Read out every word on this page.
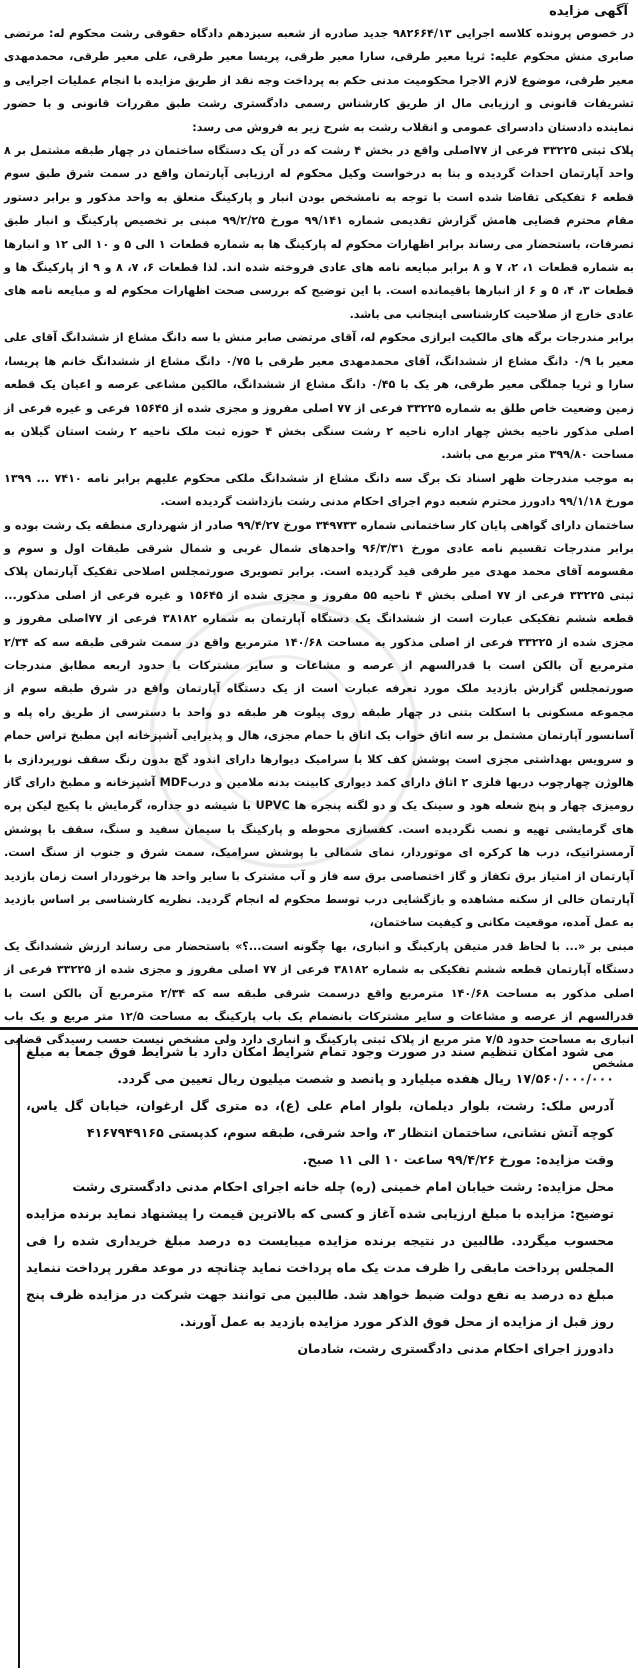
آگهی مزایده

در خصوص پرونده کلاسه اجرایی ۹۸۲۶۶۴/۱۳ جدید صادره از شعبه سیزدهم دادگاه حقوقی رشت محکوم له: مرتضی صابری منش محکوم علیه: ثریا معیر طرقی، سارا معیر طرقی، پریسا معیر طرقی، علی معیر طرقی، محمدمهدی معیر طرقی، موضوع لازم الاجرا محکومیت مدنی حکم به پرداخت وجه نقد از طریق مزایده با انجام عملیات اجرایی و تشریفات قانونی و ارزیابی مال از طریق کارشناس رسمی دادگستری رشت طبق مقررات قانونی و با حضور نماینده دادستان دادسرای عمومی و انقلاب رشت به شرح زیر به فروش می رسد:

پلاک ثبتی ۳۳۲۲۵ فرعی از ۷۷اصلی واقع در بخش ۴ رشت که در آن یک دستگاه ساختمان در چهار طبقه مشتمل بر ۸ واحد آپارتمان احداث گردیده و بنا به درخواست وکیل محکوم له ارزیابی آپارتمان واقع در سمت شرق طبق سوم قطعه ۶ تفکیکی تقاضا شده است با توجه به نامشخص بودن انبار و پارکینگ متعلق به واحد مذکور و برابر دستور مقام محترم قضایی هامش گزارش تقدیمی شماره ۹۹/۱۴۱ مورخ ۹۹/۲/۲۵ مبنی بر تخصیص پارکینگ و انبار طبق تصرفات، باستحضار می رساند برابر اظهارات محکوم له پارکینگ ها به شماره قطعات ۱ الی ۵ و ۱۰ الی ۱۲ و انبارها به شماره قطعات ۱، ۲، ۷ و ۸ برابر مبایعه نامه های عادی فروخته شده اند. لذا قطعات ۶، ۷، ۸ و ۹ از پارکینگ ها و قطعات ۳، ۴، ۵ و ۶ از انبارها باقیمانده است. با این توضیح که بررسی صحت اظهارات محکوم له و مبایعه نامه های عادی خارج از صلاحیت کارشناسی اینجانب می باشد.

برابر مندرجات برگه های مالکیت ابرازی محکوم له، آقای مرتضی صابر منش با سه دانگ مشاع از ششدانگ آقای علی معیر با ۰/۹ دانگ مشاع از ششدانگ، آقای محمدمهدی معیر طرقی با ۰/۷۵ دانگ مشاع از ششدانگ خانم ها پریسا، سارا و ثریا جملگی معیر طرقی، هر یک با ۰/۴۵ دانگ مشاع از ششدانگ، مالکین مشاعی عرصه و اعیان یک قطعه زمین وضعیت خاص طلق به شماره ۳۳۲۲۵ فرعی از ۷۷ اصلی مفروز و مجزی شده از ۱۵۶۴۵ فرعی و غیره فرعی از اصلی مذکور ناحیه بخش چهار اداره ناحیه ۲ رشت سنگی بخش ۴ حوزه ثبت ملک ناحیه ۲ رشت استان گیلان به مساحت ۳۹۹/۸۰ متر مربع می باشد.

به موجب مندرجات ظهر اسناد تک برگ سه دانگ مشاع از ششدانگ ملکی محکوم علیهم برابر نامه ۷۴۱۰ ... ۱۳۹۹ مورخ ۹۹/۱/۱۸ دادورز محترم شعبه دوم اجرای احکام مدنی رشت بازداشت گردیده است.

ساختمان دارای گواهی پایان کار ساختمانی شماره ۳۴۹۷۳۳ مورخ ۹۹/۴/۲۷ صادر از شهرداری منطقه یک رشت بوده و برابر مندرجات تقسیم نامه عادی مورخ ۹۶/۳/۳۱ واحدهای شمال غربی و شمال شرقی طبقات اول و سوم و مقسومه آقای محمد مهدی میر طرقی قید گردیده است. برابر تصویری صورتمجلس اصلاحی تفکیک آپارتمان پلاک ثبتی ۳۳۲۲۵ فرعی از ۷۷ اصلی بخش ۴ ناحیه ۵۵ مفروز و مجزی شده از ۱۵۶۴۵ و غیره فرعی از اصلی مذکور... قطعه ششم تفکیکی عبارت است از ششدانگ یک دستگاه آپارتمان به شماره ۳۸۱۸۲ فرعی از ۷۷اصلی مفروز و مجزی شده از ۳۳۲۲۵ فرعی از اصلی مذکور به مساحت ۱۴۰/۶۸ مترمربع واقع در سمت شرقی طبقه سه که ۲/۳۴ مترمربع آن بالکن است با قدرالسهم از عرصه و مشاعات و سایر مشترکات با حدود اربعه مطابق مندرجات صورتمجلس گزارش بازدید ملک مورد تعرفه عبارت است از یک دستگاه آپارتمان واقع در شرق طبقه سوم از مجموعه مسکونی با اسکلت بتنی در چهار طبقه روی پیلوت هر طبقه دو واحد با دسترسی از طریق راه پله و آسانسور آپارتمان مشتمل بر سه اتاق خواب یک اتاق با حمام مجزی، هال و پذیرایی آشپزخانه اپن مطبخ تراس حمام و سرویس بهداشتی مجزی است پوشش کف کلا با سرامیک دیوارها دارای اندود گچ بدون رنگ سقف نورپردازی با هالوژن چهارچوب دربها فلزی ۲ اتاق دارای کمد دیواری کابینت بدنه ملامین و دربMDF آشپزخانه و مطبخ دارای گاز رومیزی چهار و پنج شعله هود و سینک یک و دو لگنه پنجره ها UPVC با شیشه دو جداره، گرمایش با پکیج لیکن پره های گرمایشی تهیه و نصب نگردیده است. کفسازی محوطه و پارکینگ با سیمان سفید و سنگ، سقف با پوشش آرمستراتیک، درب ها کرکره ای موتوردار، نمای شمالی با پوشش سرامیک، سمت شرق و جنوب از سنگ است. آپارتمان از امتیاز برق تکفاز و گاز اختصاصی برق سه فاز و آب مشترک با سایر واحد ها برخوردار است زمان بازدید آپارتمان خالی از سکنه مشاهده و بازگشایی درب توسط محکوم له انجام گردید. نظریه کارشناسی بر اساس بازدید به عمل آمده، موقعیت مکانی و کیفیت ساختمان،

مبنی بر «... با لحاظ قدر متیقن پارکینگ و انباری، بها چگونه است...؟» باستحضار می رساند ارزش ششدانگ یک دستگاه آپارتمان قطعه ششم تفکیکی به شماره ۳۸۱۸۲ فرعی از ۷۷ اصلی مفروز و مجزی شده از ۳۳۲۲۵ فرعی از اصلی مذکور به مساحت ۱۴۰/۶۸ مترمربع واقع درسمت شرقی طبقه سه که ۲/۳۴ مترمربع آن بالکن است با قدرالسهم از عرصه و مشاعات و سایر مشترکات بانضمام یک باب پارکینگ به مساحت ۱۲/۵ متر مربع و یک باب انباری به مساحت حدود ۷/۵ متر مربع از پلاک ثبتی پارکینگ و انباری دارد ولی مشخص نیست حسب رسیدگی قضایی مشخص

می شود امکان تنظیم سند در صورت وجود تمام شرایط امکان دارد با شرایط فوق جمعا به مبلغ ۱۷/۵۶۰/۰۰۰/۰۰۰ ریال هفده میلیارد و پانصد و شصت میلیون ریال تعیین می گردد.

آدرس ملک: رشت، بلوار دیلمان، بلوار امام علی (ع)، ده متری گل ارغوان، خیابان گل یاس، کوچه آتش نشانی، ساختمان انتظار ۳، واحد شرقی، طبقه سوم، کدپستی ۴۱۶۷۹۴۹۱۶۵

وقت مزایده: مورخ ۹۹/۴/۲۶ ساعت ۱۰ الی ۱۱ صبح.

محل مزایده: رشت خیابان امام خمینی (ره) چله خانه اجرای احکام مدنی دادگستری رشت

توضیح: مزایده با مبلغ ارزیابی شده آغاز و کسی که بالاترین قیمت را پیشنهاد نماید برنده مزایده محسوب میگردد. طالبین در نتیجه برنده مزایده میبایست ده درصد مبلغ خریداری شده را فی المجلس پرداخت مابقی را ظرف مدت یک ماه پرداخت نماید چنانچه در موعد مقرر پرداخت ننماید مبلغ ده درصد به نفع دولت ضبط خواهد شد. طالبین می توانند جهت شرکت در مزایده ظرف پنج روز قبل از مزایده از محل فوق الذکر مورد مزایده بازدید به عمل آورند.

دادورز اجرای احکام مدنی دادگستری رشت، شادمان
